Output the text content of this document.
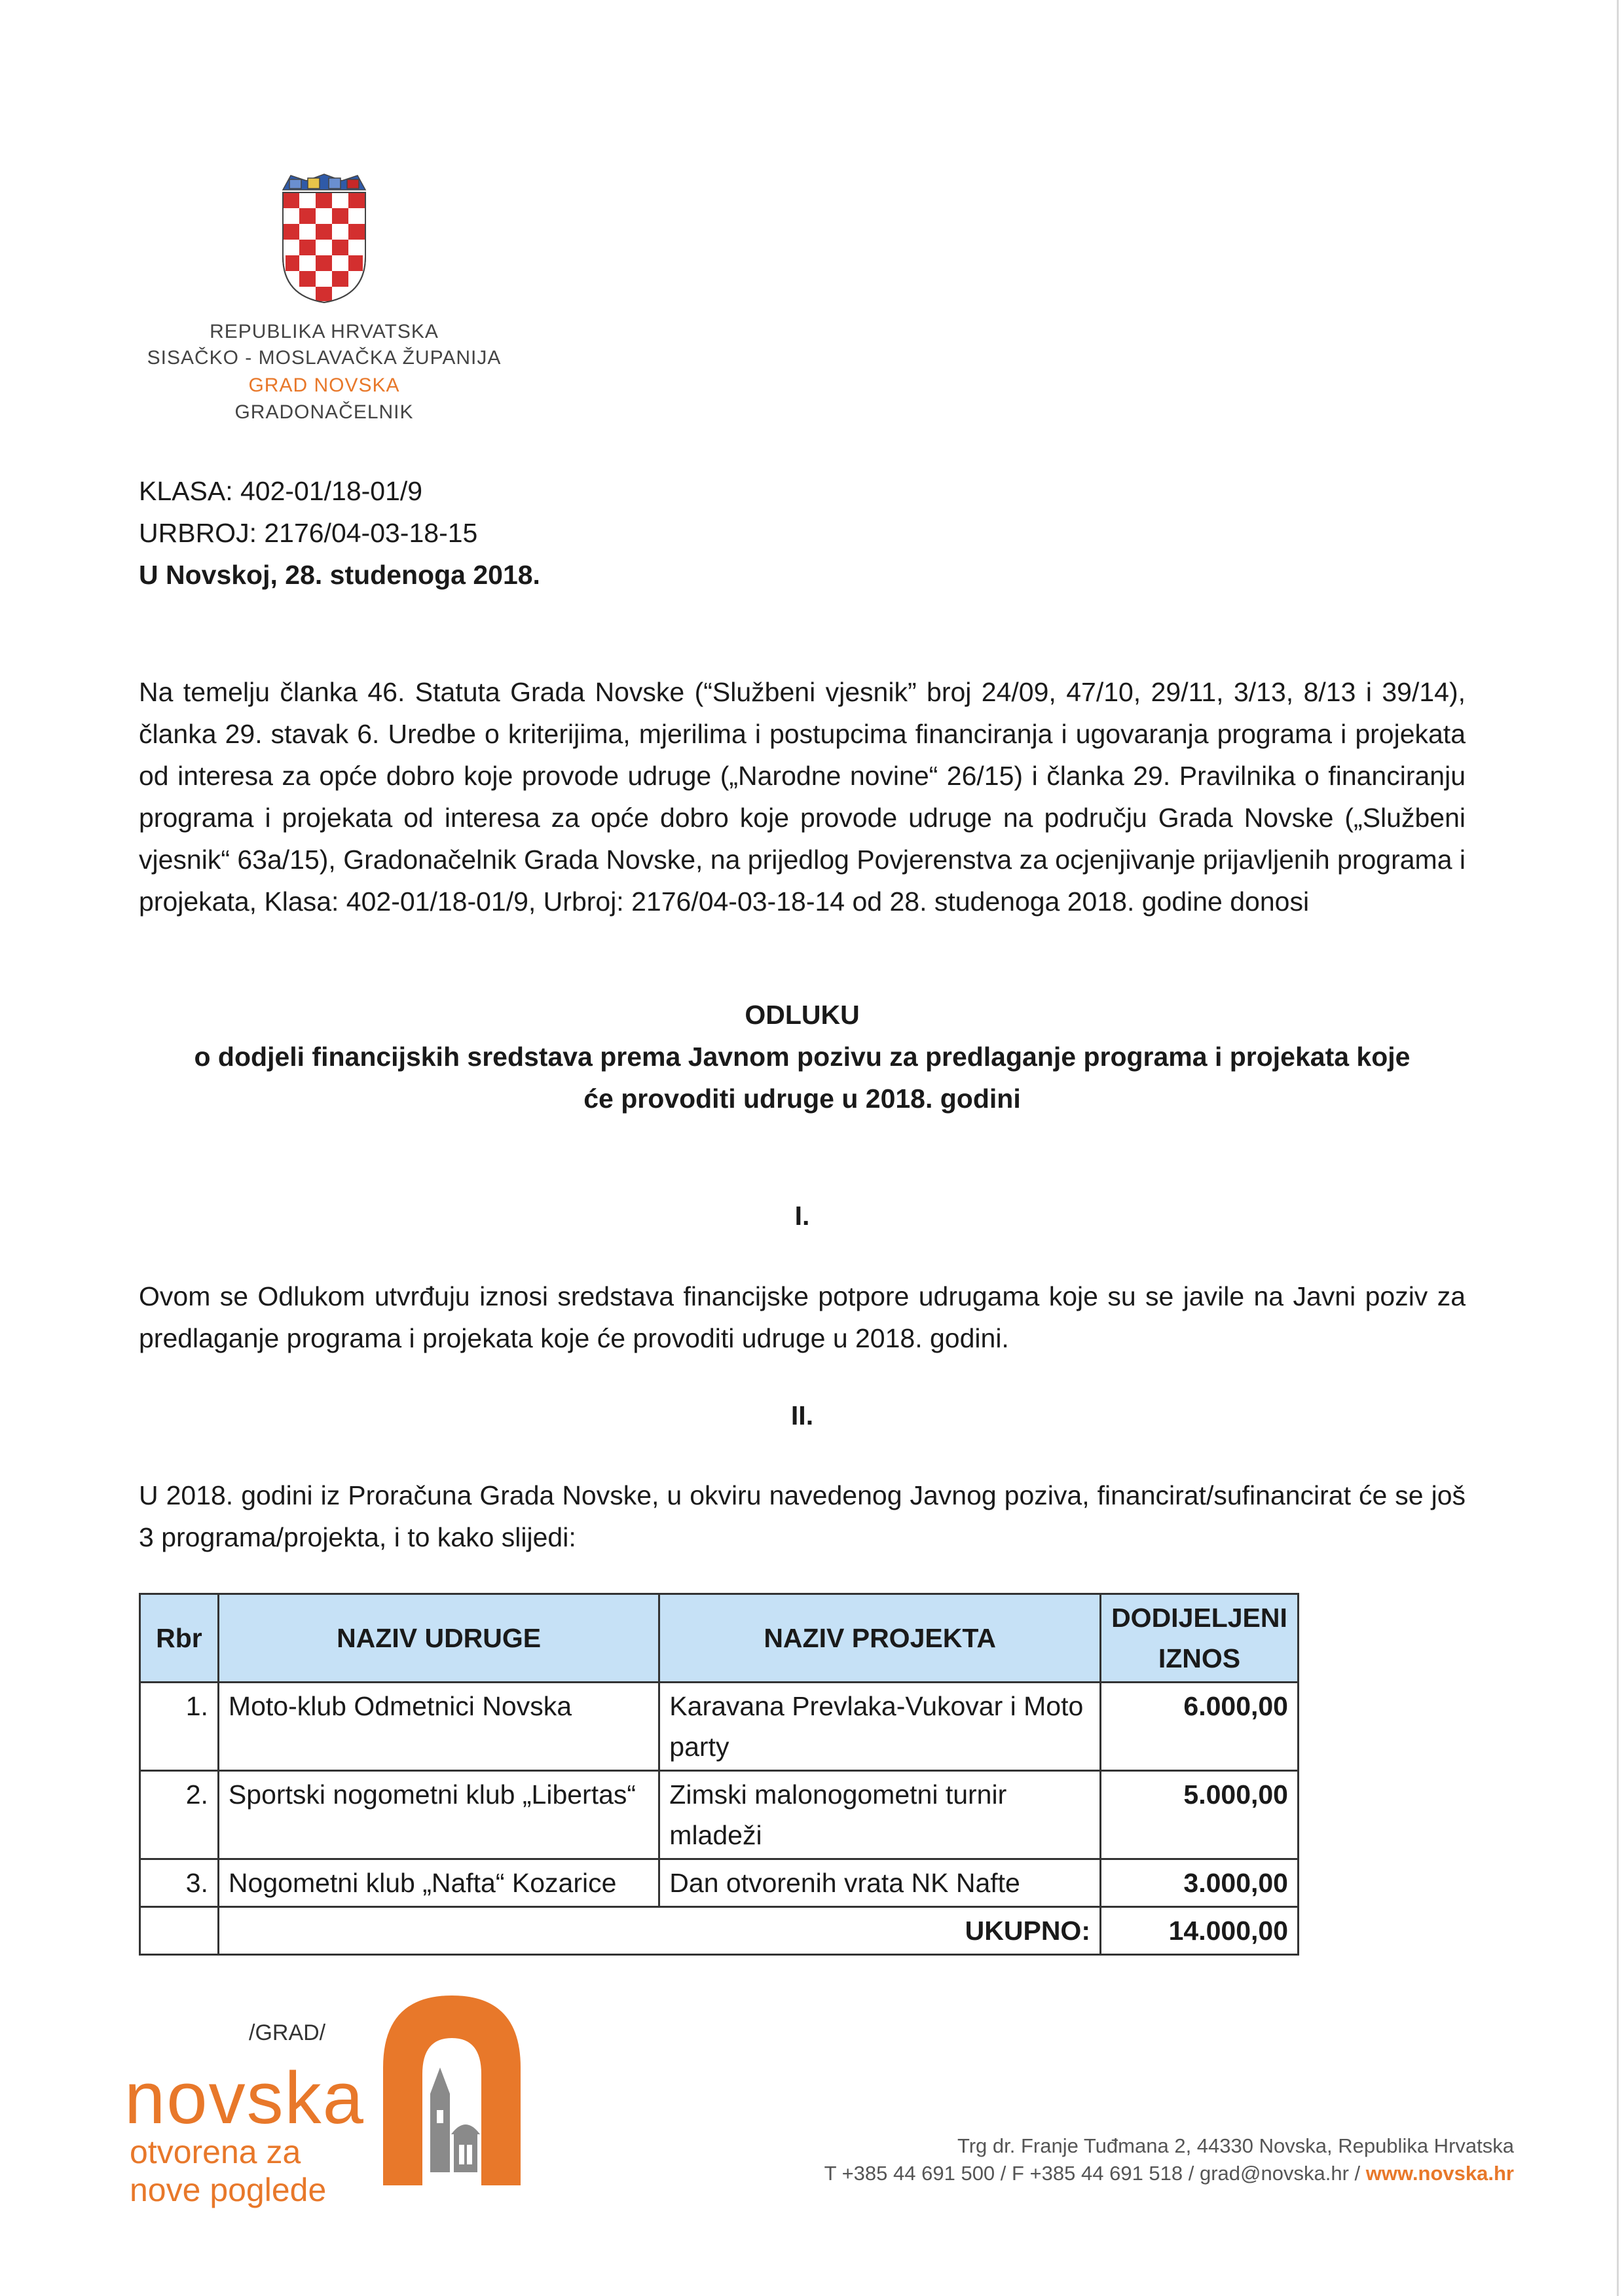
REPUBLIKA HRVATSKA
SISAČKO - MOSLAVAČKA ŽUPANIJA
GRAD NOVSKA
GRADONAČELNIK
KLASA: 402-01/18-01/9
URBROJ: 2176/04-03-18-15
U Novskoj, 28. studenoga 2018.
Na temelju članka 46. Statuta Grada Novske (“Službeni vjesnik” broj 24/09, 47/10, 29/11, 3/13, 8/13 i 39/14), članka 29. stavak 6. Uredbe o kriterijima, mjerilima i postupcima financiranja i ugovaranja programa i projekata od interesa za opće dobro koje provode udruge („Narodne novine“ 26/15) i članka 29. Pravilnika o financiranju programa i projekata od interesa za opće dobro koje provode udruge na području Grada Novske („Službeni vjesnik“ 63a/15), Gradonačelnik Grada Novske, na prijedlog Povjerenstva za ocjenjivanje prijavljenih programa i projekata, Klasa: 402-01/18-01/9, Urbroj: 2176/04-03-18-14 od 28. studenoga 2018. godine donosi
ODLUKU
o dodjeli financijskih sredstava prema Javnom pozivu za predlaganje programa i projekata koje
će provoditi udruge u 2018. godini
I.
Ovom se Odlukom utvrđuju iznosi sredstava financijske potpore udrugama koje su se javile na Javni poziv za predlaganje programa i projekata koje će provoditi udruge u 2018. godini.
II.
U 2018. godini iz Proračuna Grada Novske, u okviru navedenog Javnog poziva, financirat/sufinancirat će se još 3 programa/projekta, i to kako slijedi:
Rbr	NAZIV UDRUGE	NAZIV PROJEKTA	DODIJELJENI IZNOS
1.	Moto-klub Odmetnici Novska	Karavana Prevlaka-Vukovar i Moto party	6.000,00
2.	Sportski nogometni klub „Libertas“	Zimski malonogometni turnir mladeži	5.000,00
3.	Nogometni klub „Nafta“ Kozarice	Dan otvorenih vrata NK Nafte	3.000,00
	UKUPNO:		14.000,00
/GRAD/
novska
otvorena za
nove poglede
Trg dr. Franje Tuđmana 2, 44330 Novska, Republika Hrvatska
T +385 44 691 500 / F +385 44 691 518 / grad@novska.hr / www.novska.hr
